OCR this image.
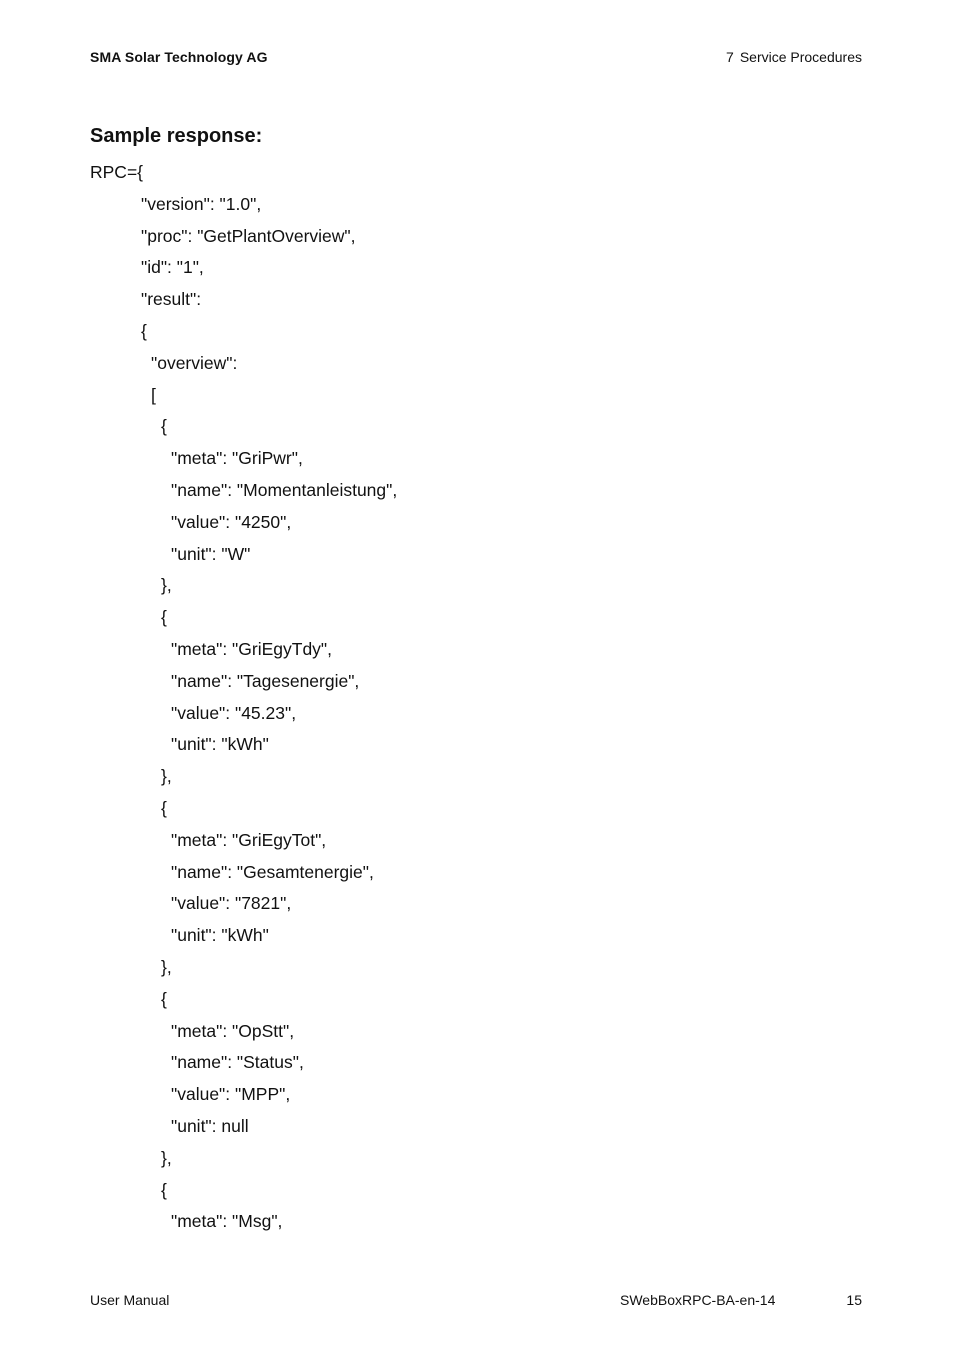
SMA Solar Technology AG	7 Service Procedures
Sample response:
RPC={
"version": "1.0",
"proc": "GetPlantOverview",
"id": "1",
"result":
{
"overview":
[
{
"meta": "GriPwr",
"name": "Momentanleistung",
"value": "4250",
"unit": "W"
},
{
"meta": "GriEgyTdy",
"name": "Tagesenergie",
"value": "45.23",
"unit": "kWh"
},
{
"meta": "GriEgyTot",
"name": "Gesamtenergie",
"value": "7821",
"unit": "kWh"
},
{
"meta": "OpStt",
"name": "Status",
"value": "MPP",
"unit": null
},
{
"meta": "Msg",
User Manual	SWebBoxRPC-BA-en-14	15
